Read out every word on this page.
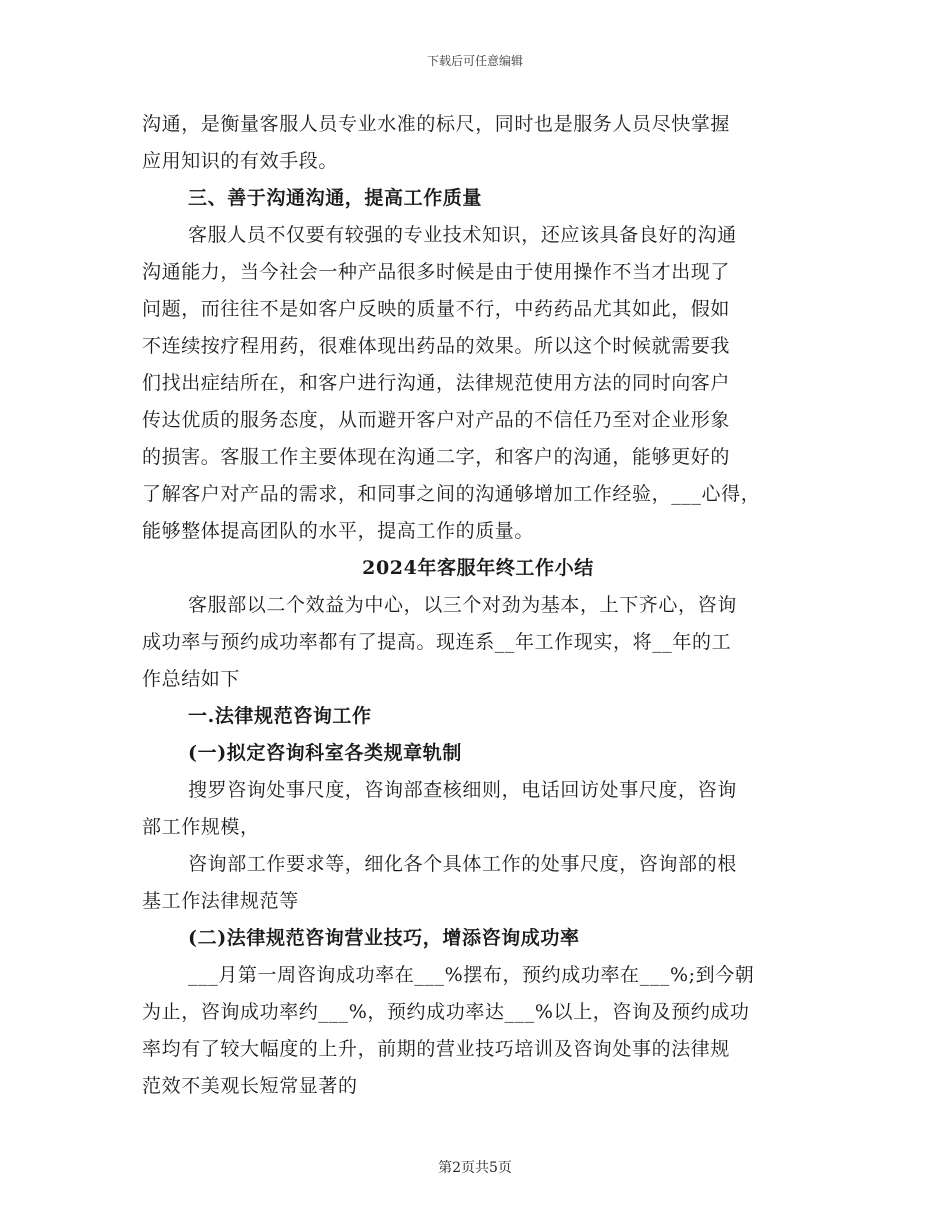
下载后可任意编辑
沟通，是衡量客服人员专业水准的标尺，同时也是服务人员尽快掌握
应用知识的有效手段。
三、善于沟通沟通，提高工作质量
客服人员不仅要有较强的专业技术知识，还应该具备良好的沟通
沟通能力，当今社会一种产品很多时候是由于使用操作不当才出现了
问题，而往往不是如客户反映的质量不行，中药药品尤其如此，假如
不连续按疗程用药，很难体现出药品的效果。所以这个时候就需要我
们找出症结所在，和客户进行沟通，法律规范使用方法的同时向客户
传达优质的服务态度，从而避开客户对产品的不信任乃至对企业形象
的损害。客服工作主要体现在沟通二字，和客户的沟通，能够更好的
了解客户对产品的需求，和同事之间的沟通够增加工作经验，___心得，
能够整体提高团队的水平，提高工作的质量。
2024年客服年终工作小结
客服部以二个效益为中心，以三个对劲为基本，上下齐心，咨询
成功率与预约成功率都有了提高。现连系__年工作现实，将__年的工
作总结如下
一.法律规范咨询工作
(一)拟定咨询科室各类规章轨制
搜罗咨询处事尺度，咨询部查核细则，电话回访处事尺度，咨询
部工作规模，
咨询部工作要求等，细化各个具体工作的处事尺度，咨询部的根
基工作法律规范等
(二)法律规范咨询营业技巧，增添咨询成功率
___月第一周咨询成功率在___%摆布，预约成功率在___%;到今朝
为止，咨询成功率约___%，预约成功率达___%以上，咨询及预约成功
率均有了较大幅度的上升，前期的营业技巧培训及咨询处事的法律规
范效不美观长短常显著的
第2页共5页
